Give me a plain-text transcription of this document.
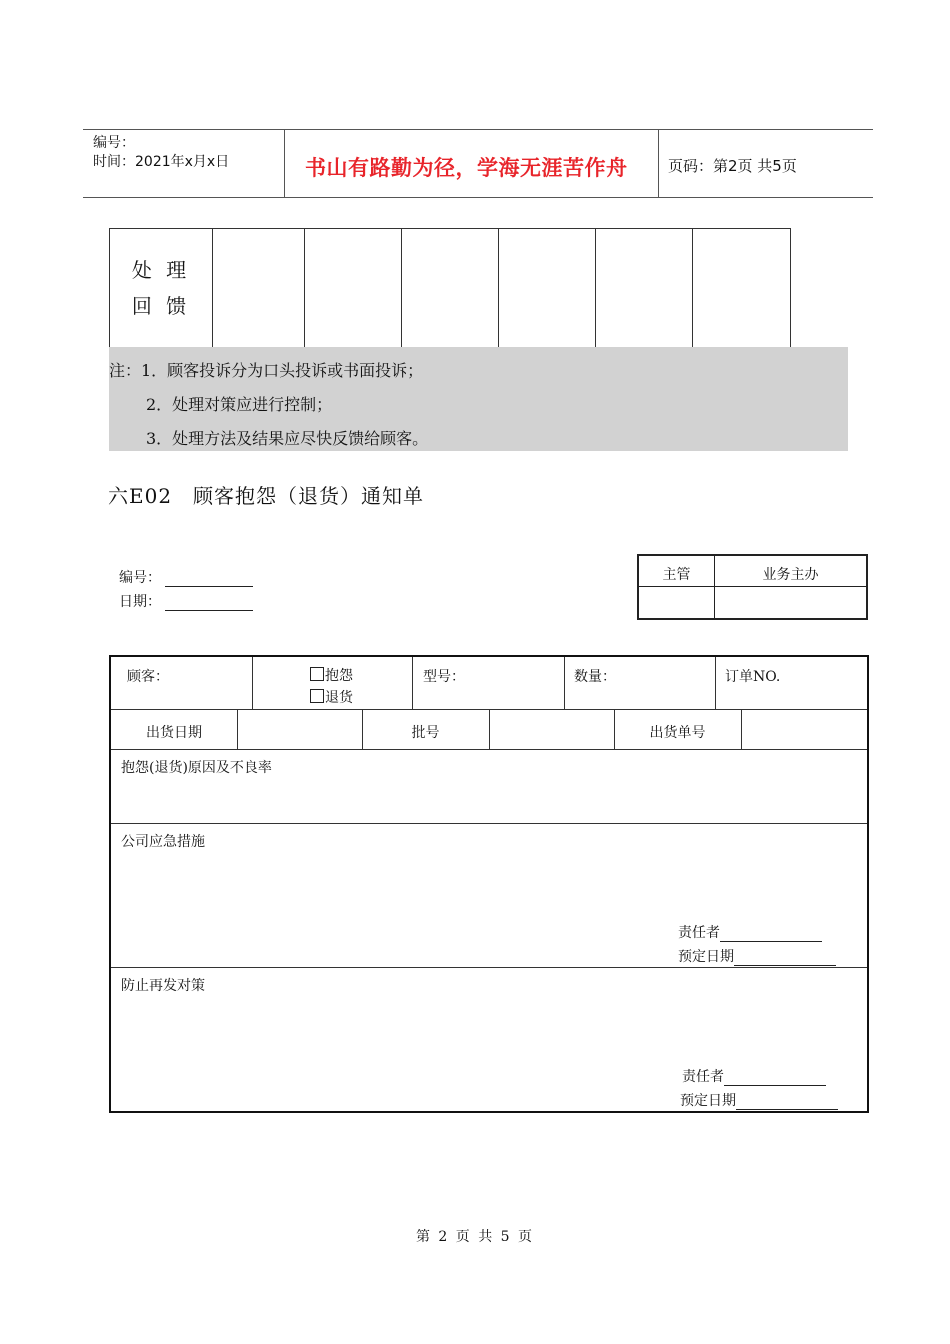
编号：
时间：2021年x月x日	书山有路勤为径，学海无涯苦作舟	页码：第2页 共5页
处 理
回 馈
注：1．顾客投诉分为口头投诉或书面投诉；
2．处理对策应进行控制；
3．处理方法及结果应尽快反馈给顾客。
六E02　顾客抱怨（退货）通知单
编号：
日期：
主管	业务主办
顾客：	抱怨
退货
型号：	数量：	订单NO.
出货日期	批号	出货单号
抱怨(退货)原因及不良率
公司应急措施
责任者
预定日期
防止再发对策
责任者
预定日期
第 2 页 共 5 页
